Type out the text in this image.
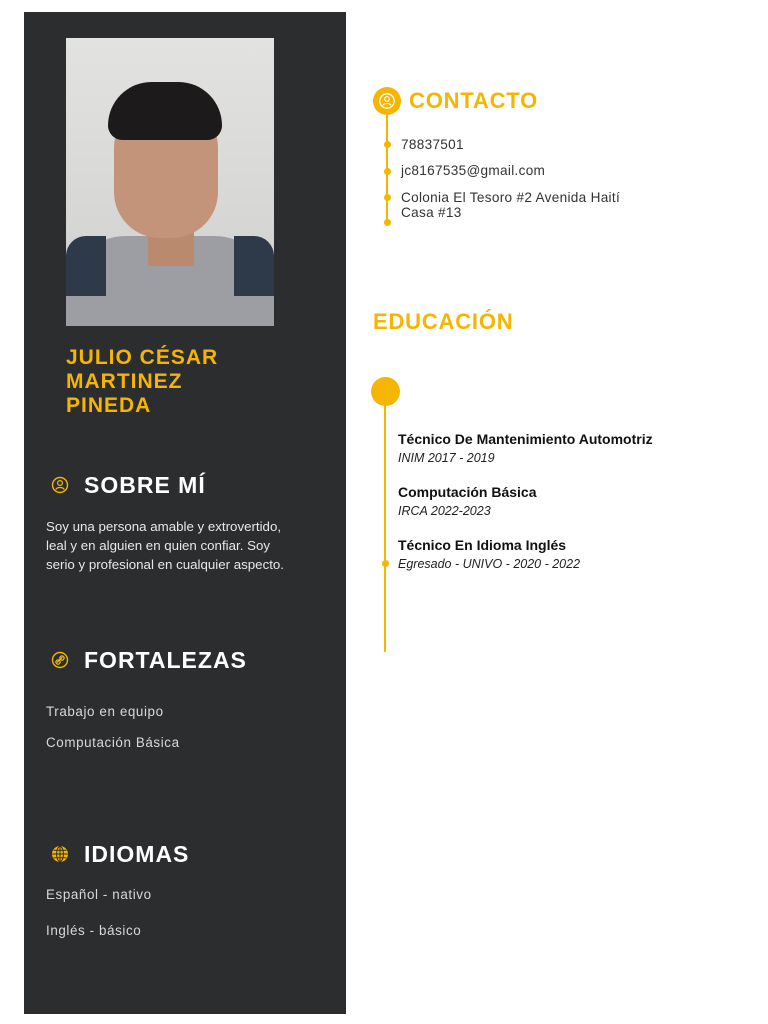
JULIO CÉSAR
MARTINEZ
PINEDA
SOBRE MÍ
Soy una persona amable y extrovertido, leal y en alguien en quien confiar. Soy serio y profesional en cualquier aspecto.
FORTALEZAS
Trabajo en equipo
Computación Básica
IDIOMAS
Español - nativo
Inglés - básico
CONTACTO
78837501
jc8167535@gmail.com
Colonia El Tesoro #2 Avenida Haití
Casa #13
EDUCACIÓN
Técnico De Mantenimiento Automotriz
INIM 2017 - 2019
Computación Básica
IRCA 2022-2023
Técnico En Idioma Inglés
Egresado - UNIVO - 2020 - 2022
